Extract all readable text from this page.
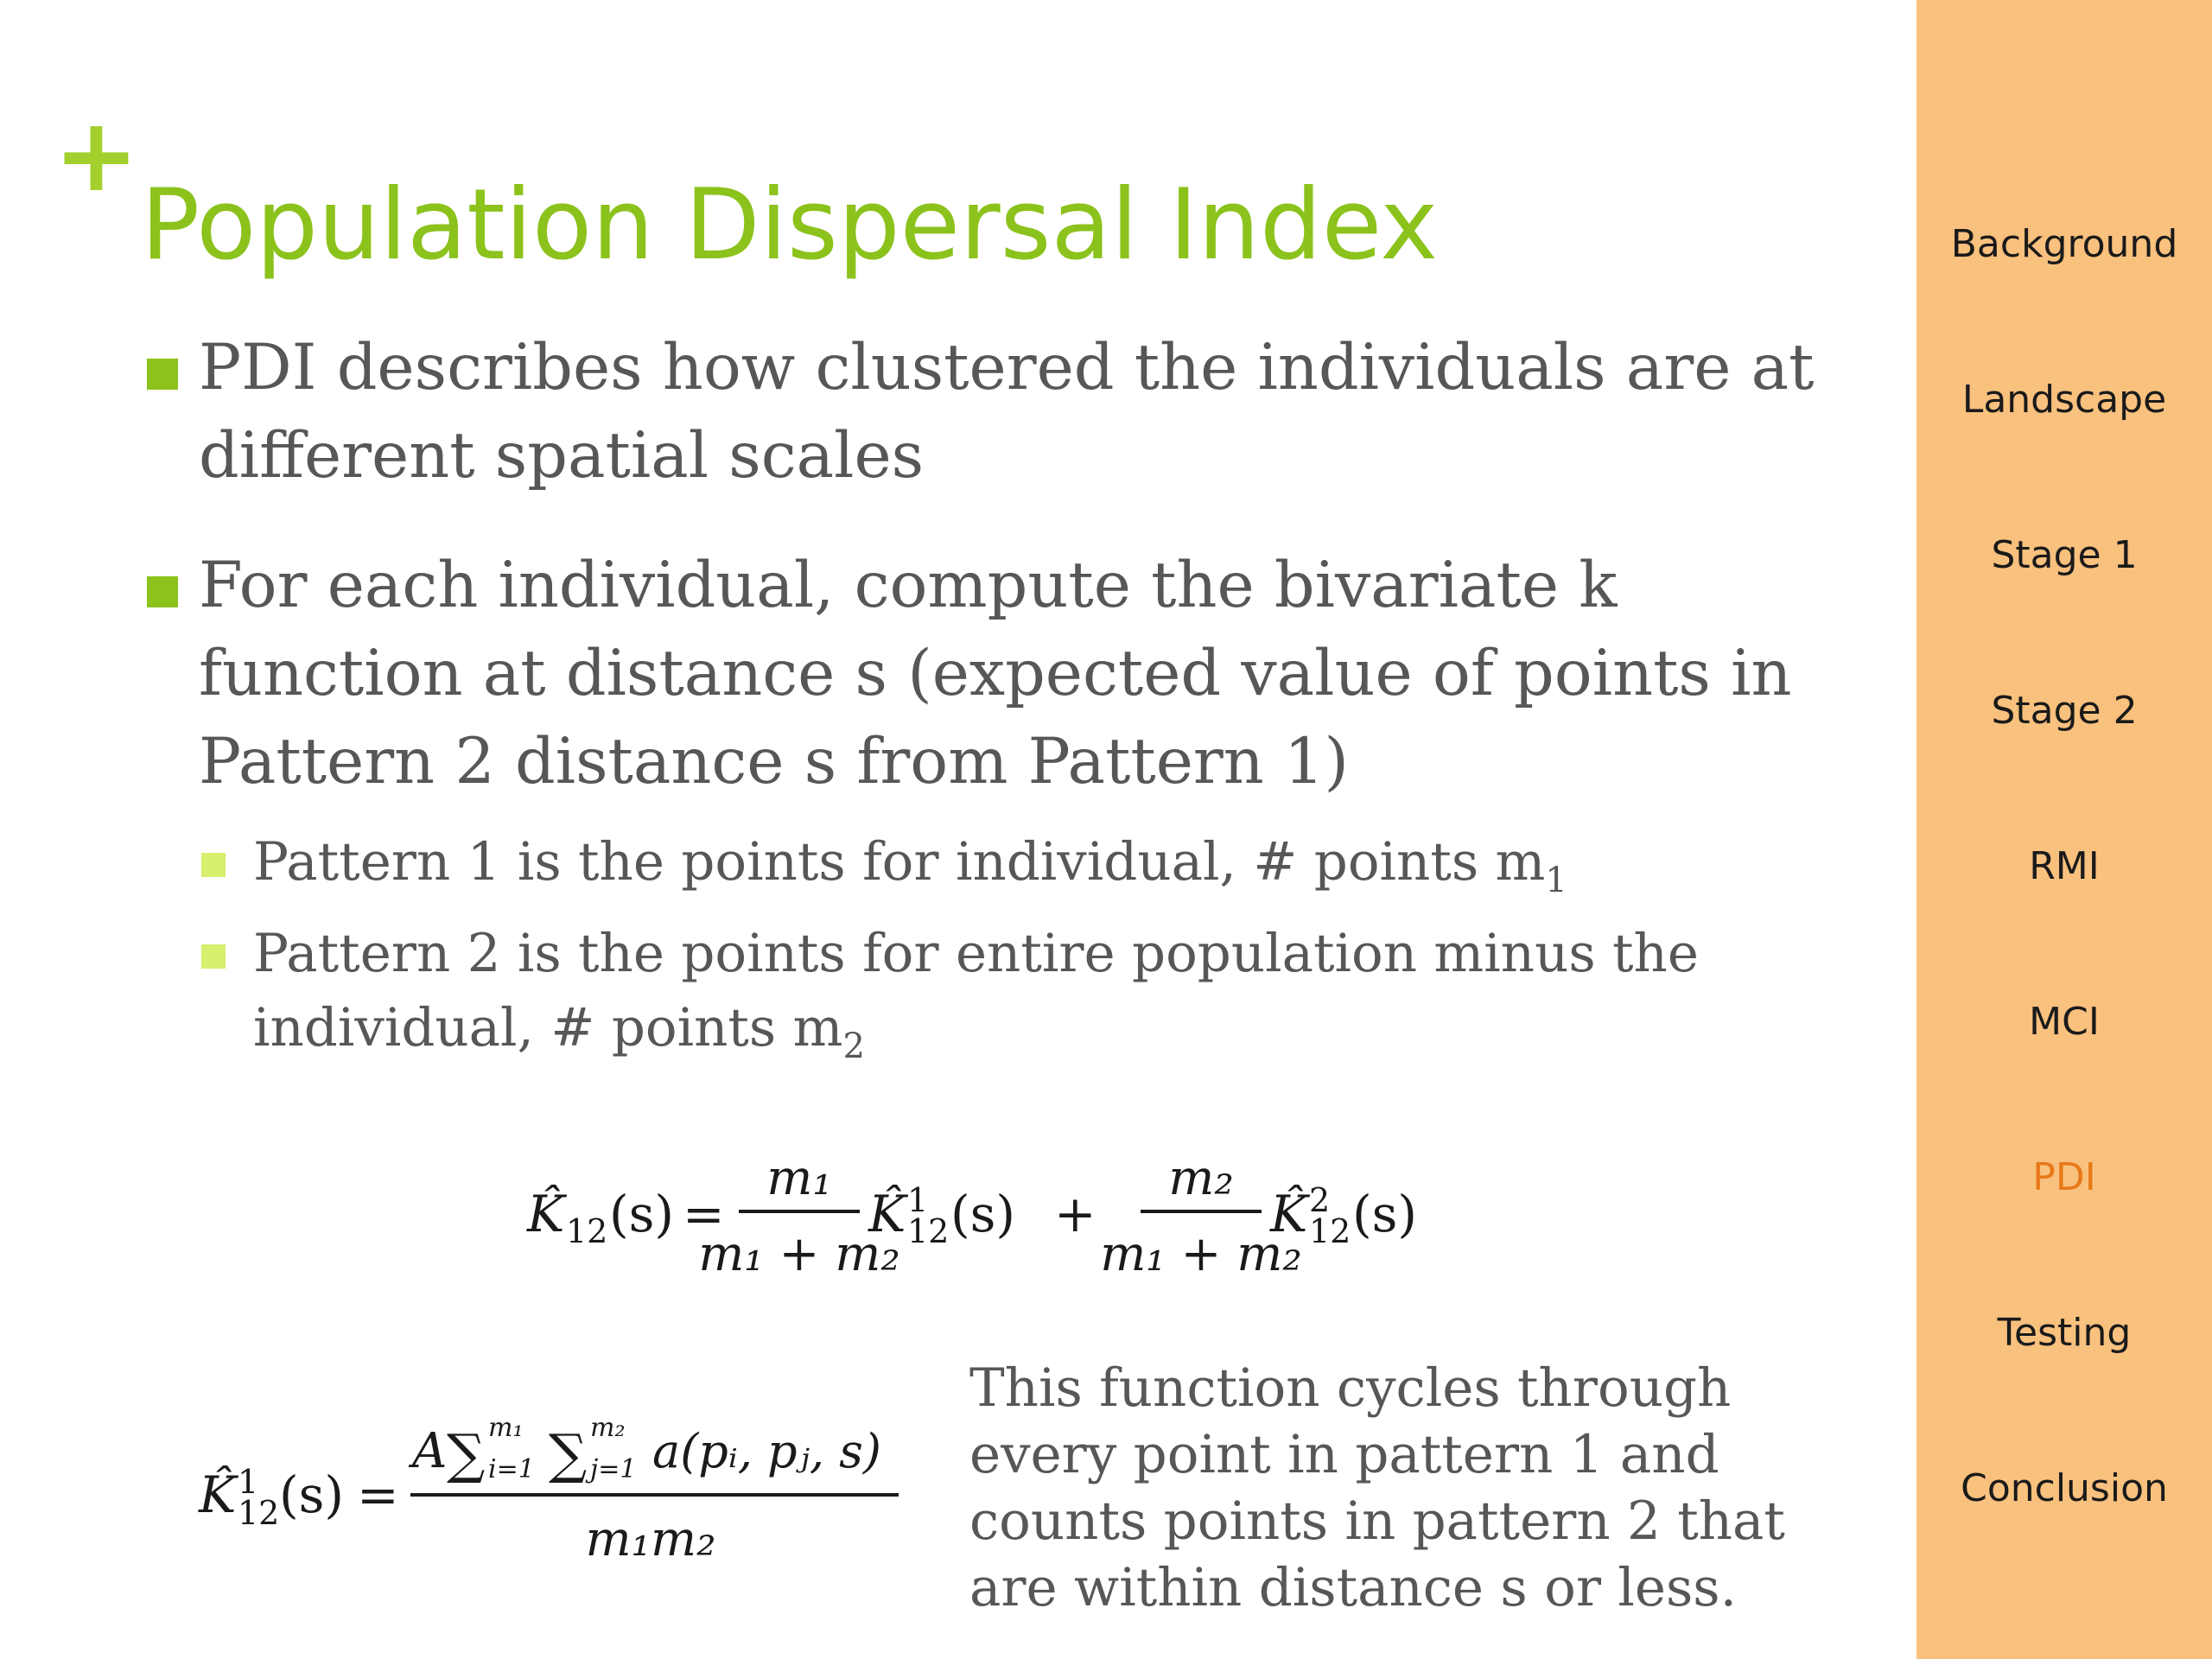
+
Population Dispersal Index
PDI describes how clustered the individuals are at different spatial scales
For each individual, compute the bivariate k function at distance s (expected value of points in Pattern 2 distance s from Pattern 1)
Pattern 1 is the points for individual, # points $m_1$
Pattern 2 is the points for entire population minus the individual, # points $m_2$
K̂ 12 (s) =
m₁
m₁ + m₂
K̂ 1
12 (s) +
m₂
m₁ + m₂
K̂ 2
12 (s)
K̂ 1
12 (s) =
A ∑ m₁
i=1 ∑ m₂
j=1 a(pᵢ, pⱼ, s)
m₁m₂
This function cycles through every point in pattern 1 and counts points in pattern 2 that are within distance s or less.
Background
Landscape
Stage 1
Stage 2
RMI
MCI
PDI
Testing
Conclusion
